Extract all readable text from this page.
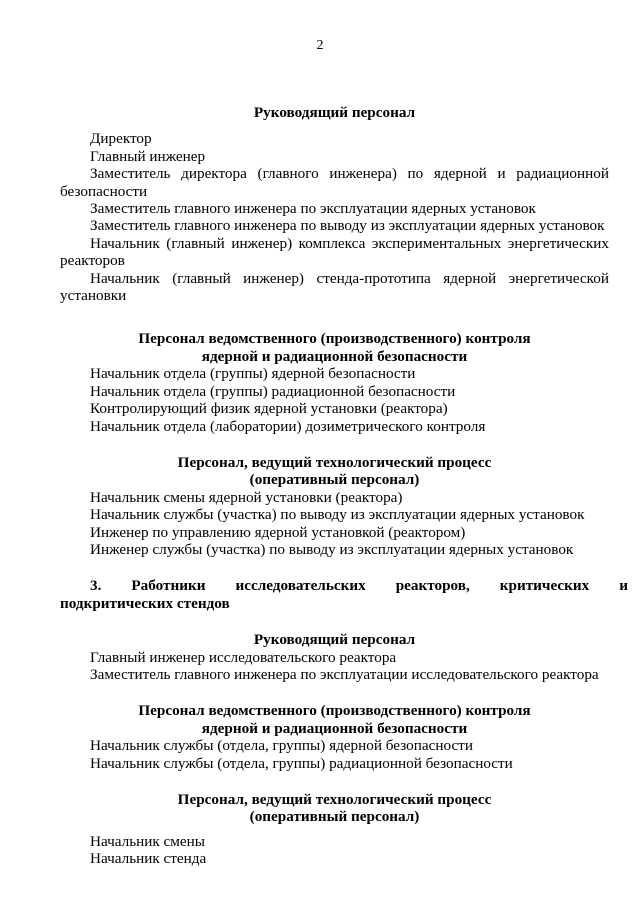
2

Руководящий персонал

Директор

Главный инженер

Заместитель директора (главного инженера) по ядерной и радиационной безопасности

Заместитель главного инженера по эксплуатации ядерных установок

Заместитель главного инженера по выводу из эксплуатации ядерных установок

Начальник (главный инженер) комплекса экспериментальных энергетических реакторов

Начальник (главный инженер) стенда-прототипа ядерной энергетической установки

Персонал ведомственного (производственного) контроля
ядерной и радиационной безопасности

Начальник отдела (группы) ядерной безопасности

Начальник отдела (группы) радиационной безопасности

Контролирующий физик ядерной установки (реактора)

Начальник отдела (лаборатории) дозиметрического контроля

Персонал, ведущий технологический процесс
(оперативный персонал)

Начальник смены ядерной установки (реактора)

Начальник службы (участка) по выводу из эксплуатации ядерных установок

Инженер по управлению ядерной установкой (реактором)

Инженер службы (участка) по выводу из эксплуатации ядерных установок

3.	Работники	исследовательских	реакторов,	критических	и
подкритических стендов

Руководящий персонал

Главный инженер исследовательского реактора

Заместитель главного инженера по эксплуатации исследовательского реактора

Персонал ведомственного (производственного) контроля
ядерной и радиационной безопасности

Начальник службы (отдела, группы) ядерной безопасности

Начальник службы (отдела, группы) радиационной безопасности

Персонал, ведущий технологический процесс
(оперативный персонал)

Начальник смены

Начальник стенда
